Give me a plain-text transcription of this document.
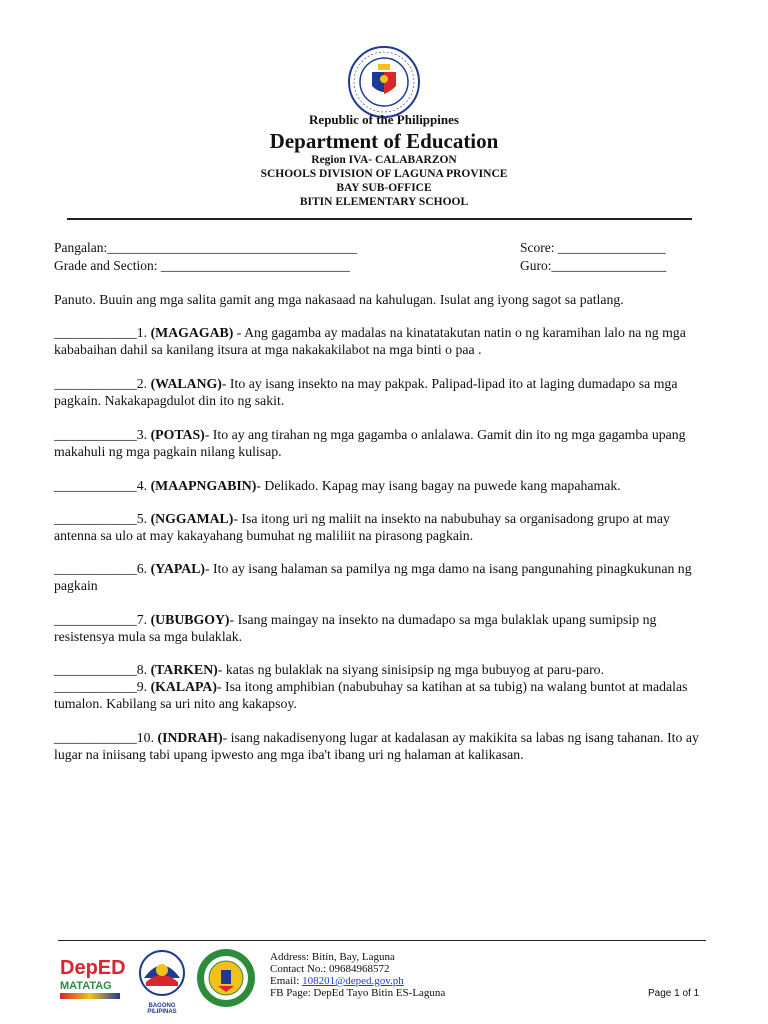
Republic of the Philippines
Department of Education
Region IVA- CALABARZON
SCHOOLS DIVISION OF LAGUNA PROVINCE
BAY SUB-OFFICE
BITIN ELEMENTARY SCHOOL
Pangalan:_____________________________________	Score: ________________
Grade and Section: ____________________________	Guro:_________________
Panuto. Buuin ang mga salita gamit ang mga nakasaad na kahulugan. Isulat ang iyong sagot sa patlang.
____________1. (MAGAGAB) - Ang gagamba ay madalas na kinatatakutan natin o ng karamihan lalo na ng mga kababaihan dahil sa kanilang itsura at mga nakakakilabot na mga binti o paa .
____________2. (WALANG)- Ito ay isang insekto na may pakpak. Palipad-lipad ito at laging dumadapo sa mga pagkain. Nakakapagdulot din ito ng sakit.
____________3. (POTAS)- Ito ay ang tirahan ng mga gagamba o anlalawa. Gamit din ito ng mga gagamba upang makahuli ng mga pagkain nilang kulisap.
____________4. (MAAPNGABIN)- Delikado. Kapag may isang bagay na puwede kang mapahamak.
____________5. (NGGAMAL)- Isa itong uri ng maliit na insekto na nabubuhay sa organisadong grupo at may antenna sa ulo at may kakayahang bumuhat ng maliliit na pirasong pagkain.
____________6. (YAPAL)- Ito ay isang halaman sa pamilya ng mga damo na isang pangunahing pinagkukunan ng pagkain
____________7. (UBUBGOY)- Isang maingay na insekto na dumadapo sa mga bulaklak upang sumipsip ng resistensya mula sa mga bulaklak.
____________8. (TARKEN)- katas ng bulaklak na siyang sinisipsip ng mga bubuyog at paru-paro.
____________9. (KALAPA)- Isa itong amphibian (nabubuhay sa katihan at sa tubig) na walang buntot at madalas tumalon. Kabilang sa uri nito ang kakapsoy.
____________10. (INDRAH)- isang nakadisenyong lugar at kadalasan ay makikita sa labas ng isang tahanan. Ito ay lugar na iniisang tabi upang ipwesto ang mga iba't ibang uri ng halaman at kalikasan.
DepED
MATATAG
BAGONG PILIPINAS
Address: Bitin, Bay, Laguna
Contact No.: 09684968572
Email: 108201@deped.gov.ph
FB Page: DepEd Tayo Bitin ES-Laguna	Page 1 of 1
